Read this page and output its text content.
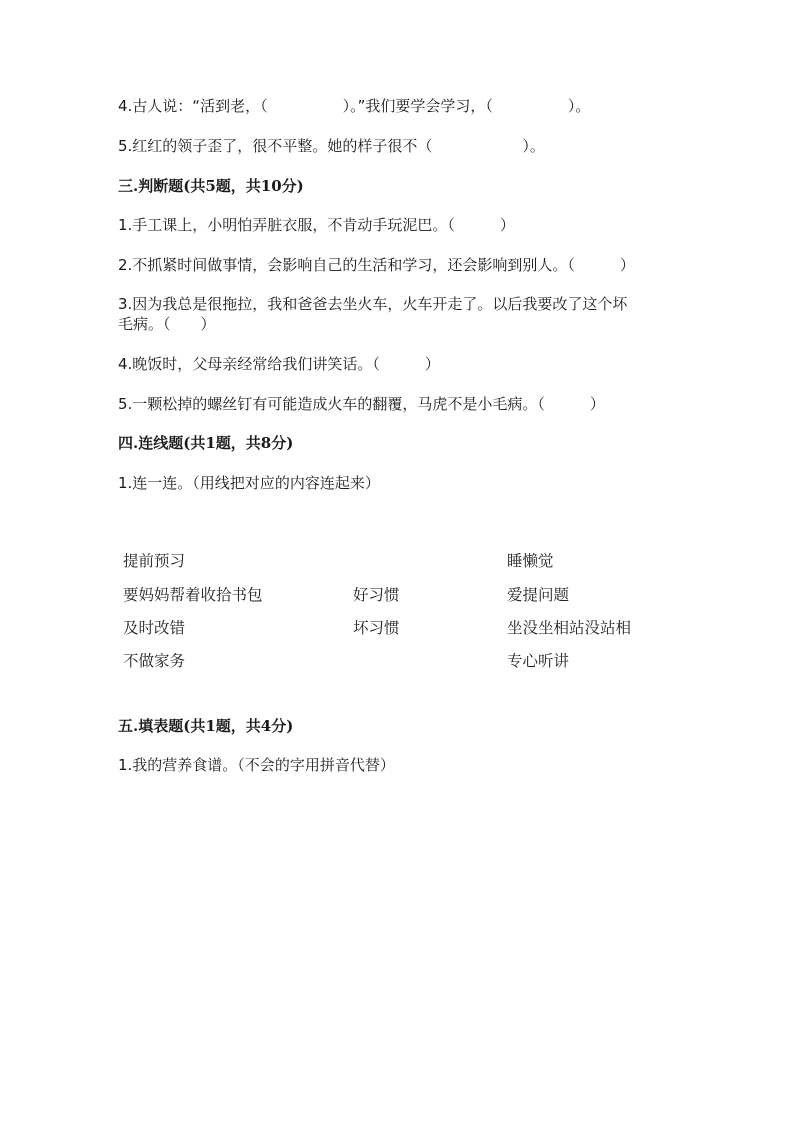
4.古人说：“活到老，（　　　　　）。”我们要学会学习，（　　　　　）。
5.红红的领子歪了，很不平整。她的样子很不（　　　　　　）。
三.判断题(共5题，共10分)
1.手工课上，小明怕弄脏衣服，不肯动手玩泥巴。（　　　）
2.不抓紧时间做事情，会影响自己的生活和学习，还会影响到别人。（　　　）
3.因为我总是很拖拉，我和爸爸去坐火车，火车开走了。以后我要改了这个坏
毛病。（　　）
4.晚饭时，父母亲经常给我们讲笑话。（　　　）
5.一颗松掉的螺丝钉有可能造成火车的翻覆，马虎不是小毛病。（　　　）
四.连线题(共1题，共8分)
1.连一连。（用线把对应的内容连起来）
提前预习
要妈妈帮着收拾书包
及时改错
不做家务
好习惯
坏习惯
睡懒觉
爱提问题
坐没坐相站没站相
专心听讲
五.填表题(共1题，共4分)
1.我的营养食谱。（不会的字用拼音代替）
